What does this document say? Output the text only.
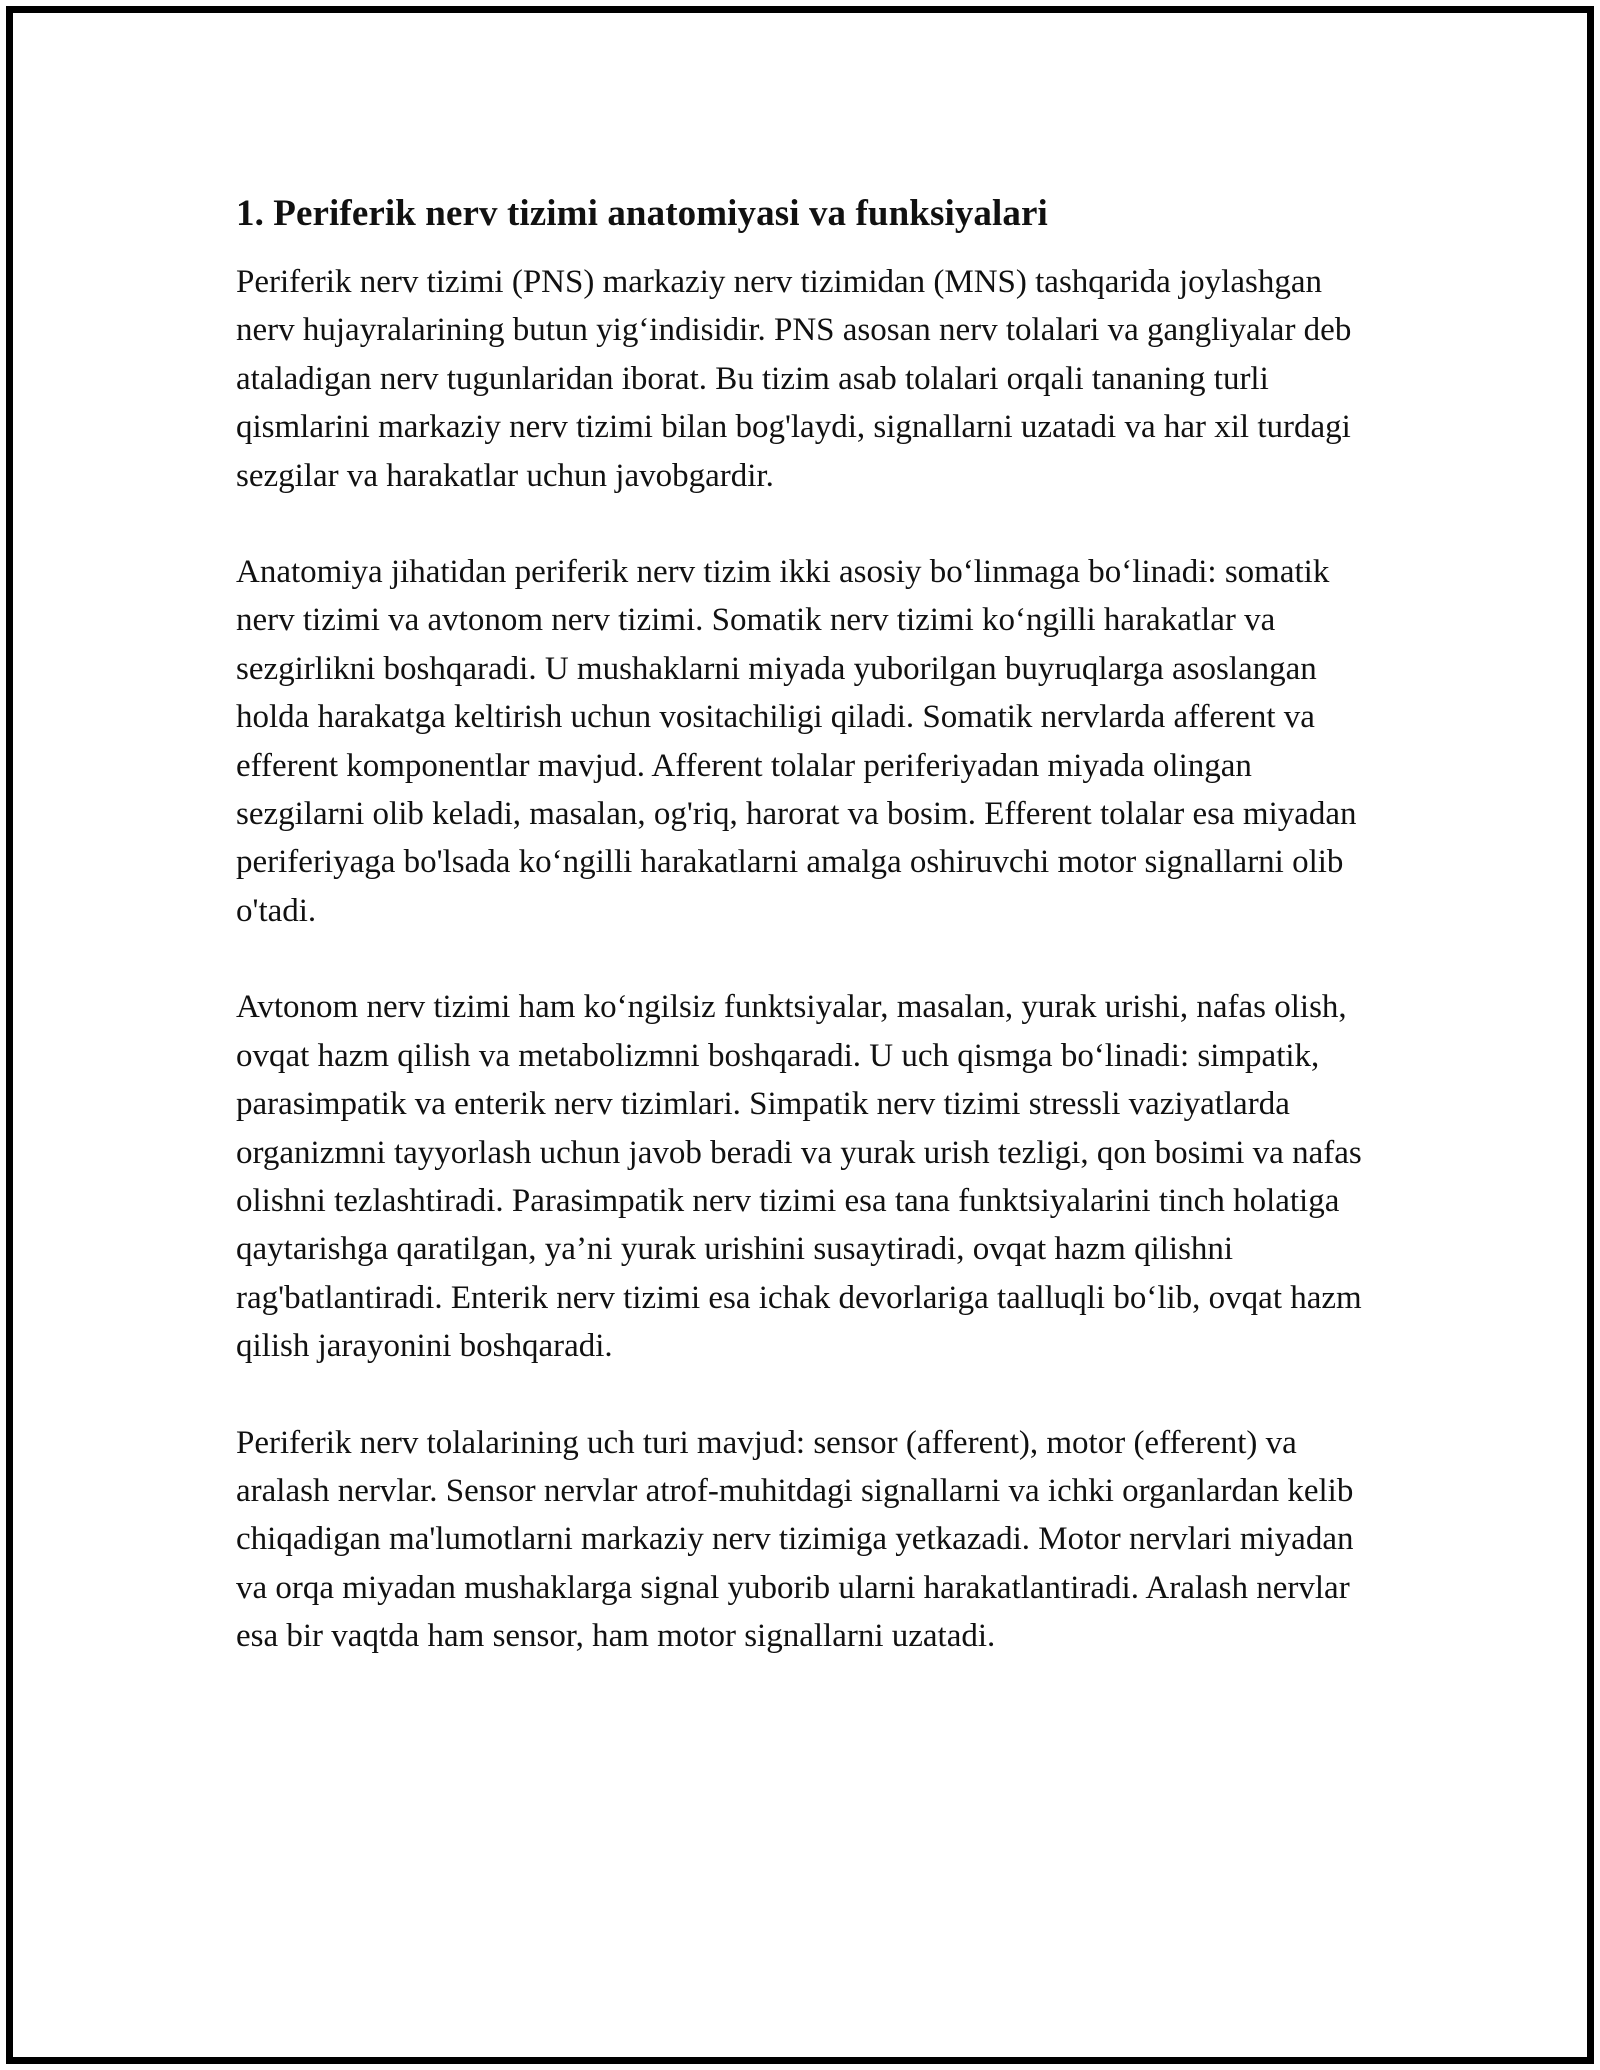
1. Periferik nerv tizimi anatomiyasi va funksiyalari

Periferik nerv tizimi (PNS) markaziy nerv tizimidan (MNS) tashqarida joylashgan nerv hujayralarining butun yig‘indisidir. PNS asosan nerv tolalari va gangliyalar deb ataladigan nerv tugunlaridan iborat. Bu tizim asab tolalari orqali tananing turli qismlarini markaziy nerv tizimi bilan bog'laydi, signallarni uzatadi va har xil turdagi sezgilar va harakatlar uchun javobgardir.

Anatomiya jihatidan periferik nerv tizim ikki asosiy bo‘linmaga bo‘linadi: somatik nerv tizimi va avtonom nerv tizimi. Somatik nerv tizimi ko‘ngilli harakatlar va sezgirlikni boshqaradi. U mushaklarni miyada yuborilgan buyruqlarga asoslangan holda harakatga keltirish uchun vositachiligi qiladi. Somatik nervlarda afferent va efferent komponentlar mavjud. Afferent tolalar periferiyadan miyada olingan sezgilarni olib keladi, masalan, og'riq, harorat va bosim. Efferent tolalar esa miyadan periferiyaga bo'lsada ko‘ngilli harakatlarni amalga oshiruvchi motor signallarni olib o'tadi.

Avtonom nerv tizimi ham ko‘ngilsiz funktsiyalar, masalan, yurak urishi, nafas olish, ovqat hazm qilish va metabolizmni boshqaradi. U uch qismga bo‘linadi: simpatik, parasimpatik va enterik nerv tizimlari. Simpatik nerv tizimi stressli vaziyatlarda organizmni tayyorlash uchun javob beradi va yurak urish tezligi, qon bosimi va nafas olishni tezlashtiradi. Parasimpatik nerv tizimi esa tana funktsiyalarini tinch holatiga qaytarishga qaratilgan, ya’ni yurak urishini susaytiradi, ovqat hazm qilishni rag'batlantiradi. Enterik nerv tizimi esa ichak devorlariga taalluqli bo‘lib, ovqat hazm qilish jarayonini boshqaradi.

Periferik nerv tolalarining uch turi mavjud: sensor (afferent), motor (efferent) va aralash nervlar. Sensor nervlar atrof-muhitdagi signallarni va ichki organlardan kelib chiqadigan ma'lumotlarni markaziy nerv tizimiga yetkazadi. Motor nervlari miyadan va orqa miyadan mushaklarga signal yuborib ularni harakatlantiradi. Aralash nervlar esa bir vaqtda ham sensor, ham motor signallarni uzatadi.
